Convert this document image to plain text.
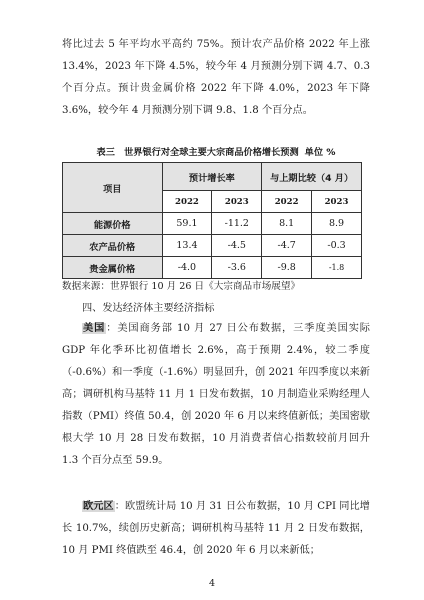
将比过去 5 年平均水平高约 75%。预计农产品价格 2022 年上涨 13.4%，2023 年下降 4.5%，较今年 4 月预测分别下调 4.7、0.3 个百分点。预计贵金属价格 2022 年下降 4.0%，2023 年下降 3.6%，较今年 4 月预测分别下调 9.8、1.8 个百分点。

表三　世界银行对全球主要大宗商品价格增长预测 单位 %
项目	预计增长率		与上期比较（4 月）	
	2022	2023	2022	2023
能源价格	59.1	-11.2	8.1	8.9
农产品价格	13.4	-4.5	-4.7	-0.3
贵金属价格	-4.0	-3.6	-9.8	-1.8
数据来源：世界银行 10 月 26 日《大宗商品市场展望》
四、发达经济体主要经济指标

美国：美国商务部 10 月 27 日公布数据，三季度美国实际 GDP 年化季环比初值增长 2.6%，高于预期 2.4%，较二季度（-0.6%）和一季度（-1.6%）明显回升，创 2021 年四季度以来新高；调研机构马基特 11 月 1 日发布数据，10 月制造业采购经理人指数（PMI）终值 50.4，创 2020 年 6 月以来终值新低；美国密歇根大学 10 月 28 日发布数据，10 月消费者信心指数较前月回升 1.3 个百分点至 59.9。

欧元区：欧盟统计局 10 月 31 日公布数据，10 月 CPI 同比增长 10.7%，续创历史新高；调研机构马基特 11 月 2 日发布数据，10 月 PMI 终值跌至 46.4，创 2020 年 6 月以来新低；

4
